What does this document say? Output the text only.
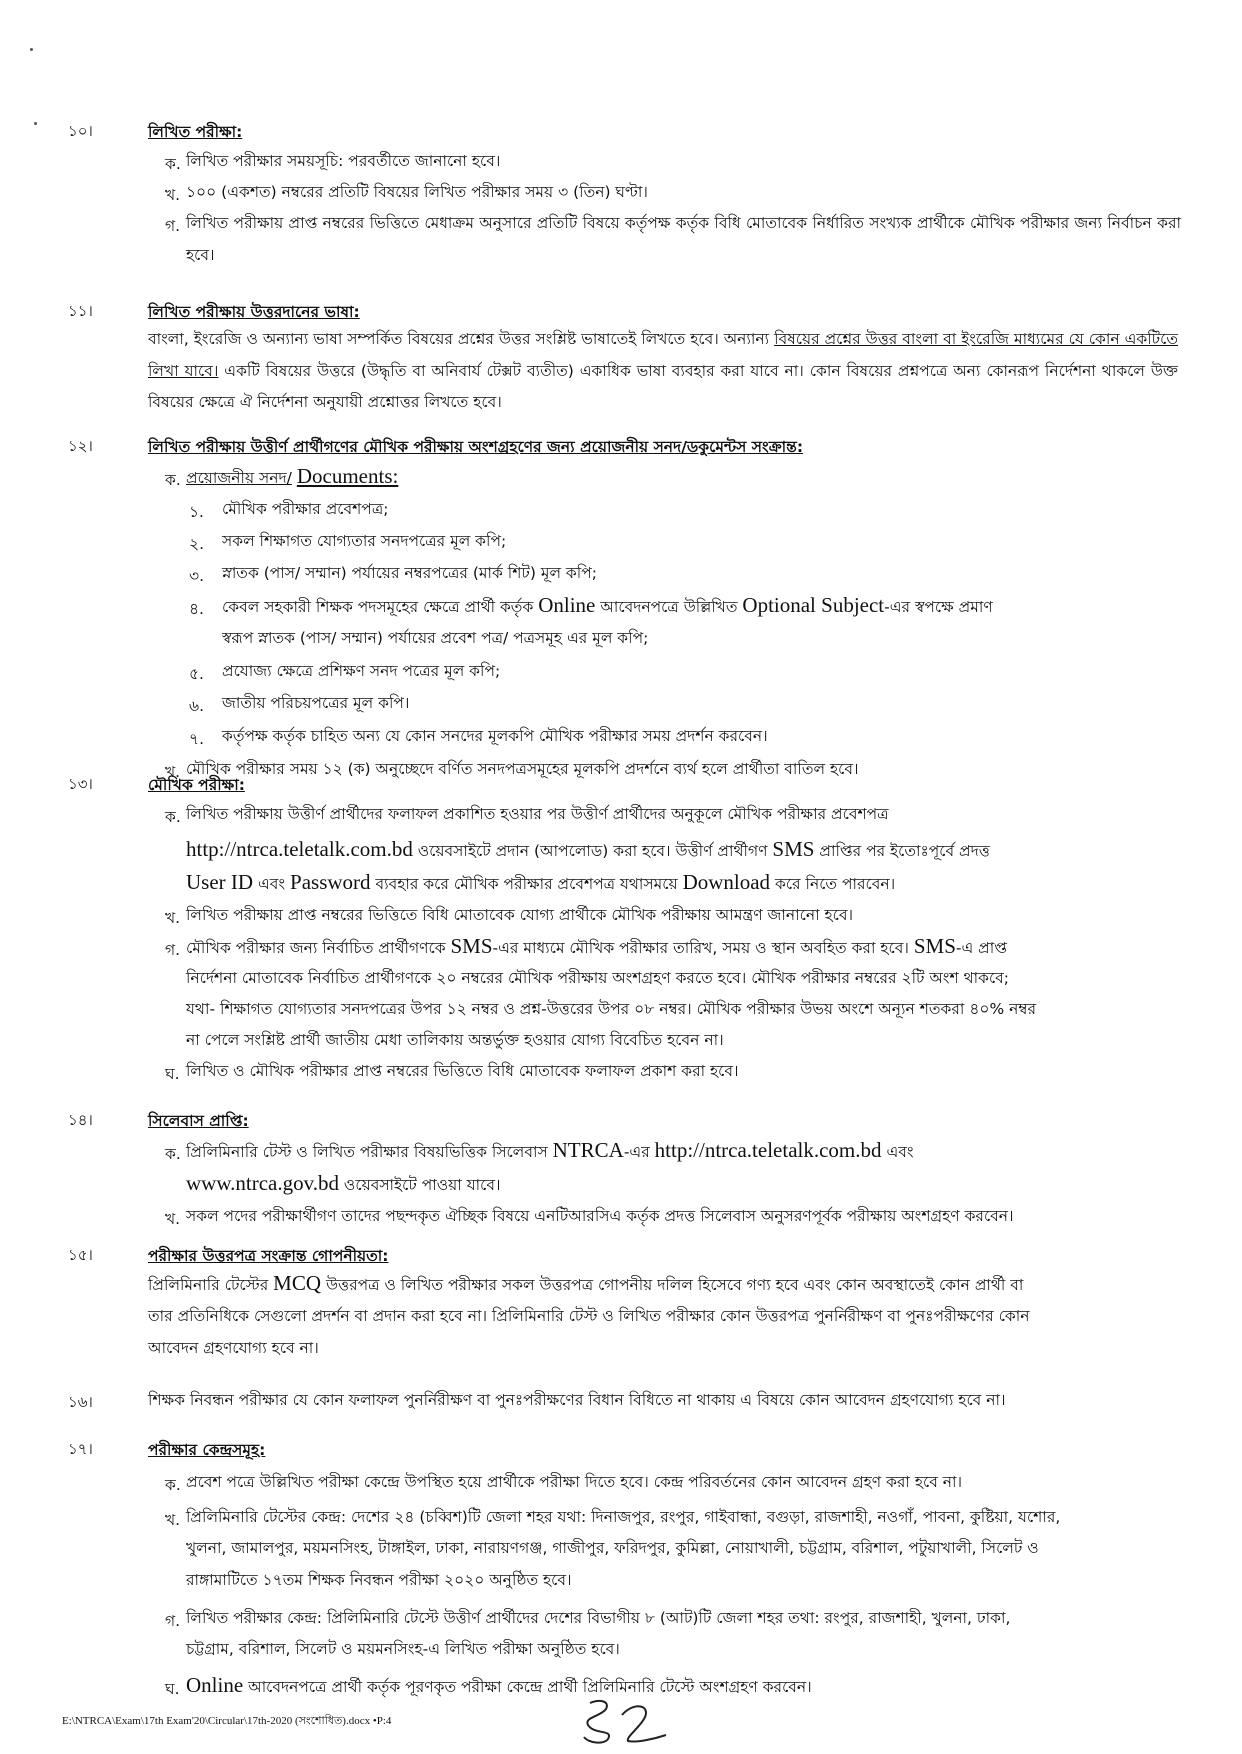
১০।	লিখিত পরীক্ষা:
ক. লিখিত পরীক্ষার সময়সূচি: পরবর্তীতে জানানো হবে।
খ. ১০০ (একশত) নম্বরের প্রতিটি বিষয়ের লিখিত পরীক্ষার সময় ৩ (তিন) ঘণ্টা।
গ. লিখিত পরীক্ষায় প্রাপ্ত নম্বরের ভিত্তিতে মেধাক্রম অনুসারে প্রতিটি বিষয়ে কর্তৃপক্ষ কর্তৃক বিধি মোতাবেক নির্ধারিত সংখ্যক প্রার্থীকে মৌখিক পরীক্ষার জন্য নির্বাচন করা হবে।
১১।	লিখিত পরীক্ষায় উত্তরদানের ভাষা:
বাংলা, ইংরেজি ও অন্যান্য ভাষা সম্পর্কিত বিষয়ের প্রশ্নের উত্তর সংশ্লিষ্ট ভাষাতেই লিখতে হবে। অন্যান্য বিষয়ের প্রশ্নের উত্তর বাংলা বা ইংরেজি মাধ্যমের যে কোন একটিতে লিখা যাবে। একটি বিষয়ের উত্তরে (উদ্ধৃতি বা অনিবার্য টেক্সট ব্যতীত) একাধিক ভাষা ব্যবহার করা যাবে না। কোন বিষয়ের প্রশ্নপত্রে অন্য কোনরূপ নির্দেশনা থাকলে উক্ত বিষয়ের ক্ষেত্রে ঐ নির্দেশনা অনুযায়ী প্রশ্নোত্তর লিখতে হবে।
১২।	লিখিত পরীক্ষায় উত্তীর্ণ প্রার্থীগণের মৌখিক পরীক্ষায় অংশগ্রহণের জন্য প্রয়োজনীয় সনদ/ডকুমেন্টস সংক্রান্ত:
ক. প্রয়োজনীয় সনদ/ Documents:
১. মৌখিক পরীক্ষার প্রবেশপত্র;
২. সকল শিক্ষাগত যোগ্যতার সনদপত্রের মূল কপি;
৩. স্নাতক (পাস/ সম্মান) পর্যায়ের নম্বরপত্রের (মার্ক শিট) মূল কপি;
৪. কেবল সহকারী শিক্ষক পদসমূহের ক্ষেত্রে প্রার্থী কর্তৃক Online আবেদনপত্রে উল্লিখিত Optional Subject-এর স্বপক্ষে প্রমাণ
স্বরূপ স্নাতক (পাস/ সম্মান) পর্যায়ের প্রবেশ পত্র/ পত্রসমূহ এর মূল কপি;
৫. প্রযোজ্য ক্ষেত্রে প্রশিক্ষণ সনদ পত্রের মূল কপি;
৬. জাতীয় পরিচয়পত্রের মূল কপি।
৭. কর্তৃপক্ষ কর্তৃক চাহিত অন্য যে কোন সনদের মূলকপি মৌখিক পরীক্ষার সময় প্রদর্শন করবেন।
খ. মৌখিক পরীক্ষার সময় ১২ (ক) অনুচ্ছেদে বর্ণিত সনদপত্রসমূহের মূলকপি প্রদর্শনে ব্যর্থ হলে প্রার্থীতা বাতিল হবে।
১৩।	মৌখিক পরীক্ষা:
ক. লিখিত পরীক্ষায় উত্তীর্ণ প্রার্থীদের ফলাফল প্রকাশিত হওয়ার পর উত্তীর্ণ প্রার্থীদের অনুকূলে মৌখিক পরীক্ষার প্রবেশপত্র
http://ntrca.teletalk.com.bd ওয়েবসাইটে প্রদান (আপলোড) করা হবে। উত্তীর্ণ প্রার্থীগণ SMS প্রাপ্তির পর ইতোঃপূর্বে প্রদত্ত
User ID এবং Password ব্যবহার করে মৌখিক পরীক্ষার প্রবেশপত্র যথাসময়ে Download করে নিতে পারবেন।
খ. লিখিত পরীক্ষায় প্রাপ্ত নম্বরের ভিত্তিতে বিধি মোতাবেক যোগ্য প্রার্থীকে মৌখিক পরীক্ষায় আমন্ত্রণ জানানো হবে।
গ. মৌখিক পরীক্ষার জন্য নির্বাচিত প্রার্থীগণকে SMS-এর মাধ্যমে মৌখিক পরীক্ষার তারিখ, সময় ও স্থান অবহিত করা হবে। SMS-এ প্রাপ্ত
নির্দেশনা মোতাবেক নির্বাচিত প্রার্থীগণকে ২০ নম্বরের মৌখিক পরীক্ষায় অংশগ্রহণ করতে হবে। মৌখিক পরীক্ষার নম্বরের ২টি অংশ থাকবে;
যথা- শিক্ষাগত যোগ্যতার সনদপত্রের উপর ১২ নম্বর ও প্রশ্ন-উত্তরের উপর ০৮ নম্বর। মৌখিক পরীক্ষার উভয় অংশে অন্যূন শতকরা ৪০% নম্বর
না পেলে সংশ্লিষ্ট প্রার্থী জাতীয় মেধা তালিকায় অন্তর্ভুক্ত হওয়ার যোগ্য বিবেচিত হবেন না।
ঘ. লিখিত ও মৌখিক পরীক্ষার প্রাপ্ত নম্বরের ভিত্তিতে বিধি মোতাবেক ফলাফল প্রকাশ করা হবে।
১৪।	সিলেবাস প্রাপ্তি:
ক. প্রিলিমিনারি টেস্ট ও লিখিত পরীক্ষার বিষয়ভিত্তিক সিলেবাস NTRCA-এর http://ntrca.teletalk.com.bd এবং
www.ntrca.gov.bd ওয়েবসাইটে পাওয়া যাবে।
খ. সকল পদের পরীক্ষার্থীগণ তাদের পছন্দকৃত ঐচ্ছিক বিষয়ে এনটিআরসিএ কর্তৃক প্রদত্ত সিলেবাস অনুসরণপূর্বক পরীক্ষায় অংশগ্রহণ করবেন।
১৫।	পরীক্ষার উত্তরপত্র সংক্রান্ত গোপনীয়তা:
প্রিলিমিনারি টেস্টের MCQ উত্তরপত্র ও লিখিত পরীক্ষার সকল উত্তরপত্র গোপনীয় দলিল হিসেবে গণ্য হবে এবং কোন অবস্থাতেই কোন প্রার্থী বা
তার প্রতিনিধিকে সেগুলো প্রদর্শন বা প্রদান করা হবে না। প্রিলিমিনারি টেস্ট ও লিখিত পরীক্ষার কোন উত্তরপত্র পুনর্নিরীক্ষণ বা পুনঃপরীক্ষণের কোন
আবেদন গ্রহণযোগ্য হবে না।
১৬।	শিক্ষক নিবন্ধন পরীক্ষার যে কোন ফলাফল পুনর্নিরীক্ষণ বা পুনঃপরীক্ষণের বিধান বিধিতে না থাকায় এ বিষয়ে কোন আবেদন গ্রহণযোগ্য হবে না।
১৭।	পরীক্ষার কেন্দ্রসমূহ:
ক. প্রবেশ পত্রে উল্লিখিত পরীক্ষা কেন্দ্রে উপস্থিত হয়ে প্রার্থীকে পরীক্ষা দিতে হবে। কেন্দ্র পরিবর্তনের কোন আবেদন গ্রহণ করা হবে না।
খ. প্রিলিমিনারি টেস্টের কেন্দ্র: দেশের ২৪ (চব্বিশ)টি জেলা শহর যথা: দিনাজপুর, রংপুর, গাইবান্ধা, বগুড়া, রাজশাহী, নওগাঁ, পাবনা, কুষ্টিয়া, যশোর,
খুলনা, জামালপুর, ময়মনসিংহ, টাঙ্গাইল, ঢাকা, নারায়ণগঞ্জ, গাজীপুর, ফরিদপুর, কুমিল্লা, নোয়াখালী, চট্টগ্রাম, বরিশাল, পটুয়াখালী, সিলেট ও
রাঙ্গামাটিতে ১৭তম শিক্ষক নিবন্ধন পরীক্ষা ২০২০ অনুষ্ঠিত হবে।
গ. লিখিত পরীক্ষার কেন্দ্র: প্রিলিমিনারি টেস্টে উত্তীর্ণ প্রার্থীদের দেশের বিভাগীয় ৮ (আট)টি জেলা শহর তথা: রংপুর, রাজশাহী, খুলনা, ঢাকা,
চট্টগ্রাম, বরিশাল, সিলেট ও ময়মনসিংহ-এ লিখিত পরীক্ষা অনুষ্ঠিত হবে।
ঘ. Online আবেদনপত্রে প্রার্থী কর্তৃক পূরণকৃত পরীক্ষা কেন্দ্রে প্রার্থী প্রিলিমিনারি টেস্টে অংশগ্রহণ করবেন।
E:\NTRCA\Exam\17th Exam'20\Circular\17th-2020 (সংশোধিত).docx •P:4
